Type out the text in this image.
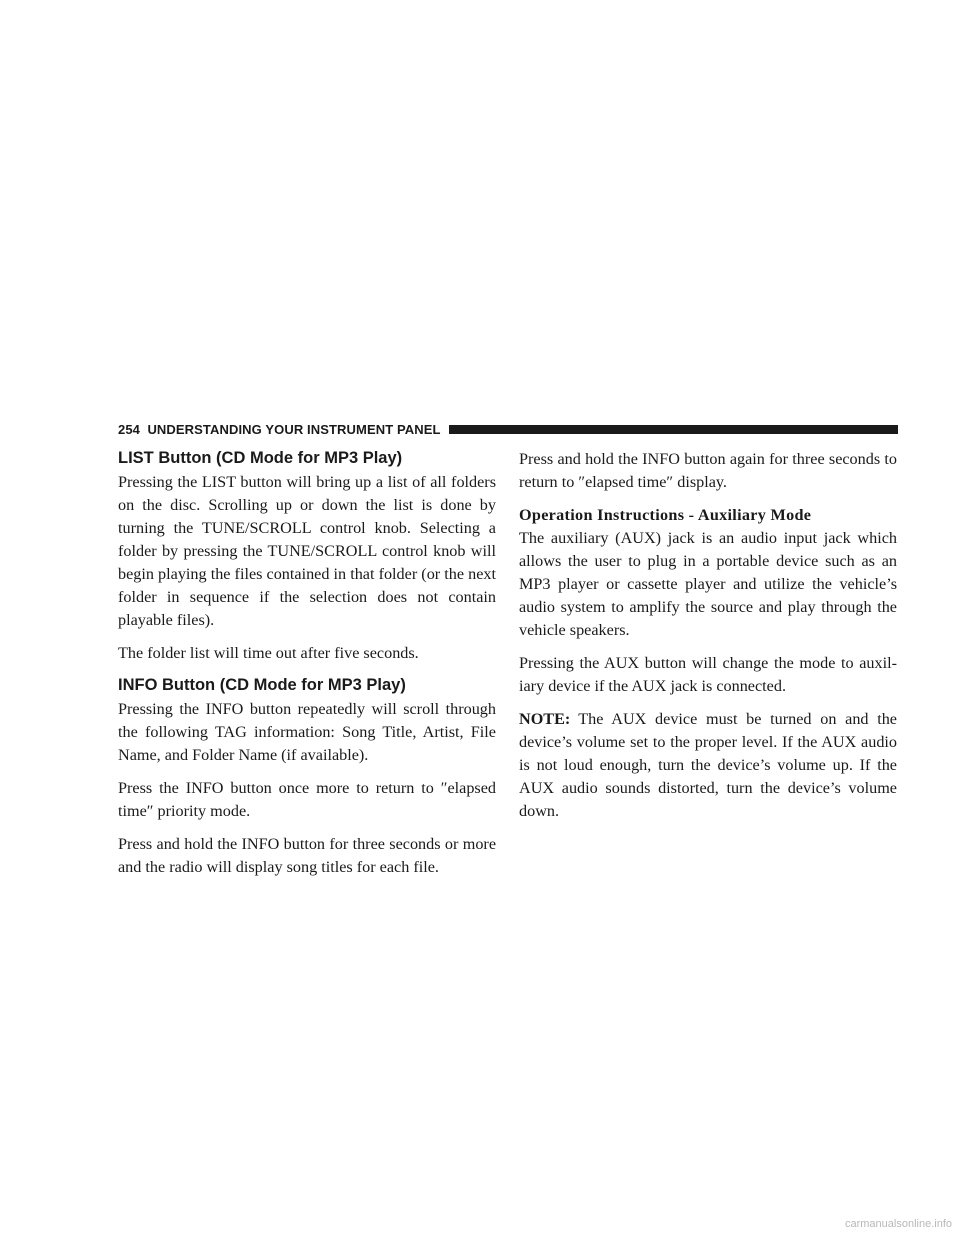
254 UNDERSTANDING YOUR INSTRUMENT PANEL
LIST Button (CD Mode for MP3 Play)

Pressing the LIST button will bring up a list of all folders on the disc. Scrolling up or down the list is done by turning the TUNE/SCROLL control knob. Selecting a folder by pressing the TUNE/SCROLL control knob will begin playing the files contained in that folder (or the next folder in sequence if the selection does not contain playable files).

The folder list will time out after five seconds.

INFO Button (CD Mode for MP3 Play)

Pressing the INFO button repeatedly will scroll through the following TAG information: Song Title, Artist, File Name, and Folder Name (if available).

Press the INFO button once more to return to ″elapsed time″ priority mode.

Press and hold the INFO button for three seconds or more and the radio will display song titles for each file.

Press and hold the INFO button again for three seconds to return to ″elapsed time″ display.

Operation Instructions - Auxiliary Mode

The auxiliary (AUX) jack is an audio input jack which allows the user to plug in a portable device such as an MP3 player or cassette player and utilize the vehicle’s audio system to amplify the source and play through the vehicle speakers.

Pressing the AUX button will change the mode to auxil- iary device if the AUX jack is connected.

NOTE: The AUX device must be turned on and the device’s volume set to the proper level. If the AUX audio is not loud enough, turn the device’s volume up. If the AUX audio sounds distorted, turn the device’s volume down.

carmanualsonline.info
